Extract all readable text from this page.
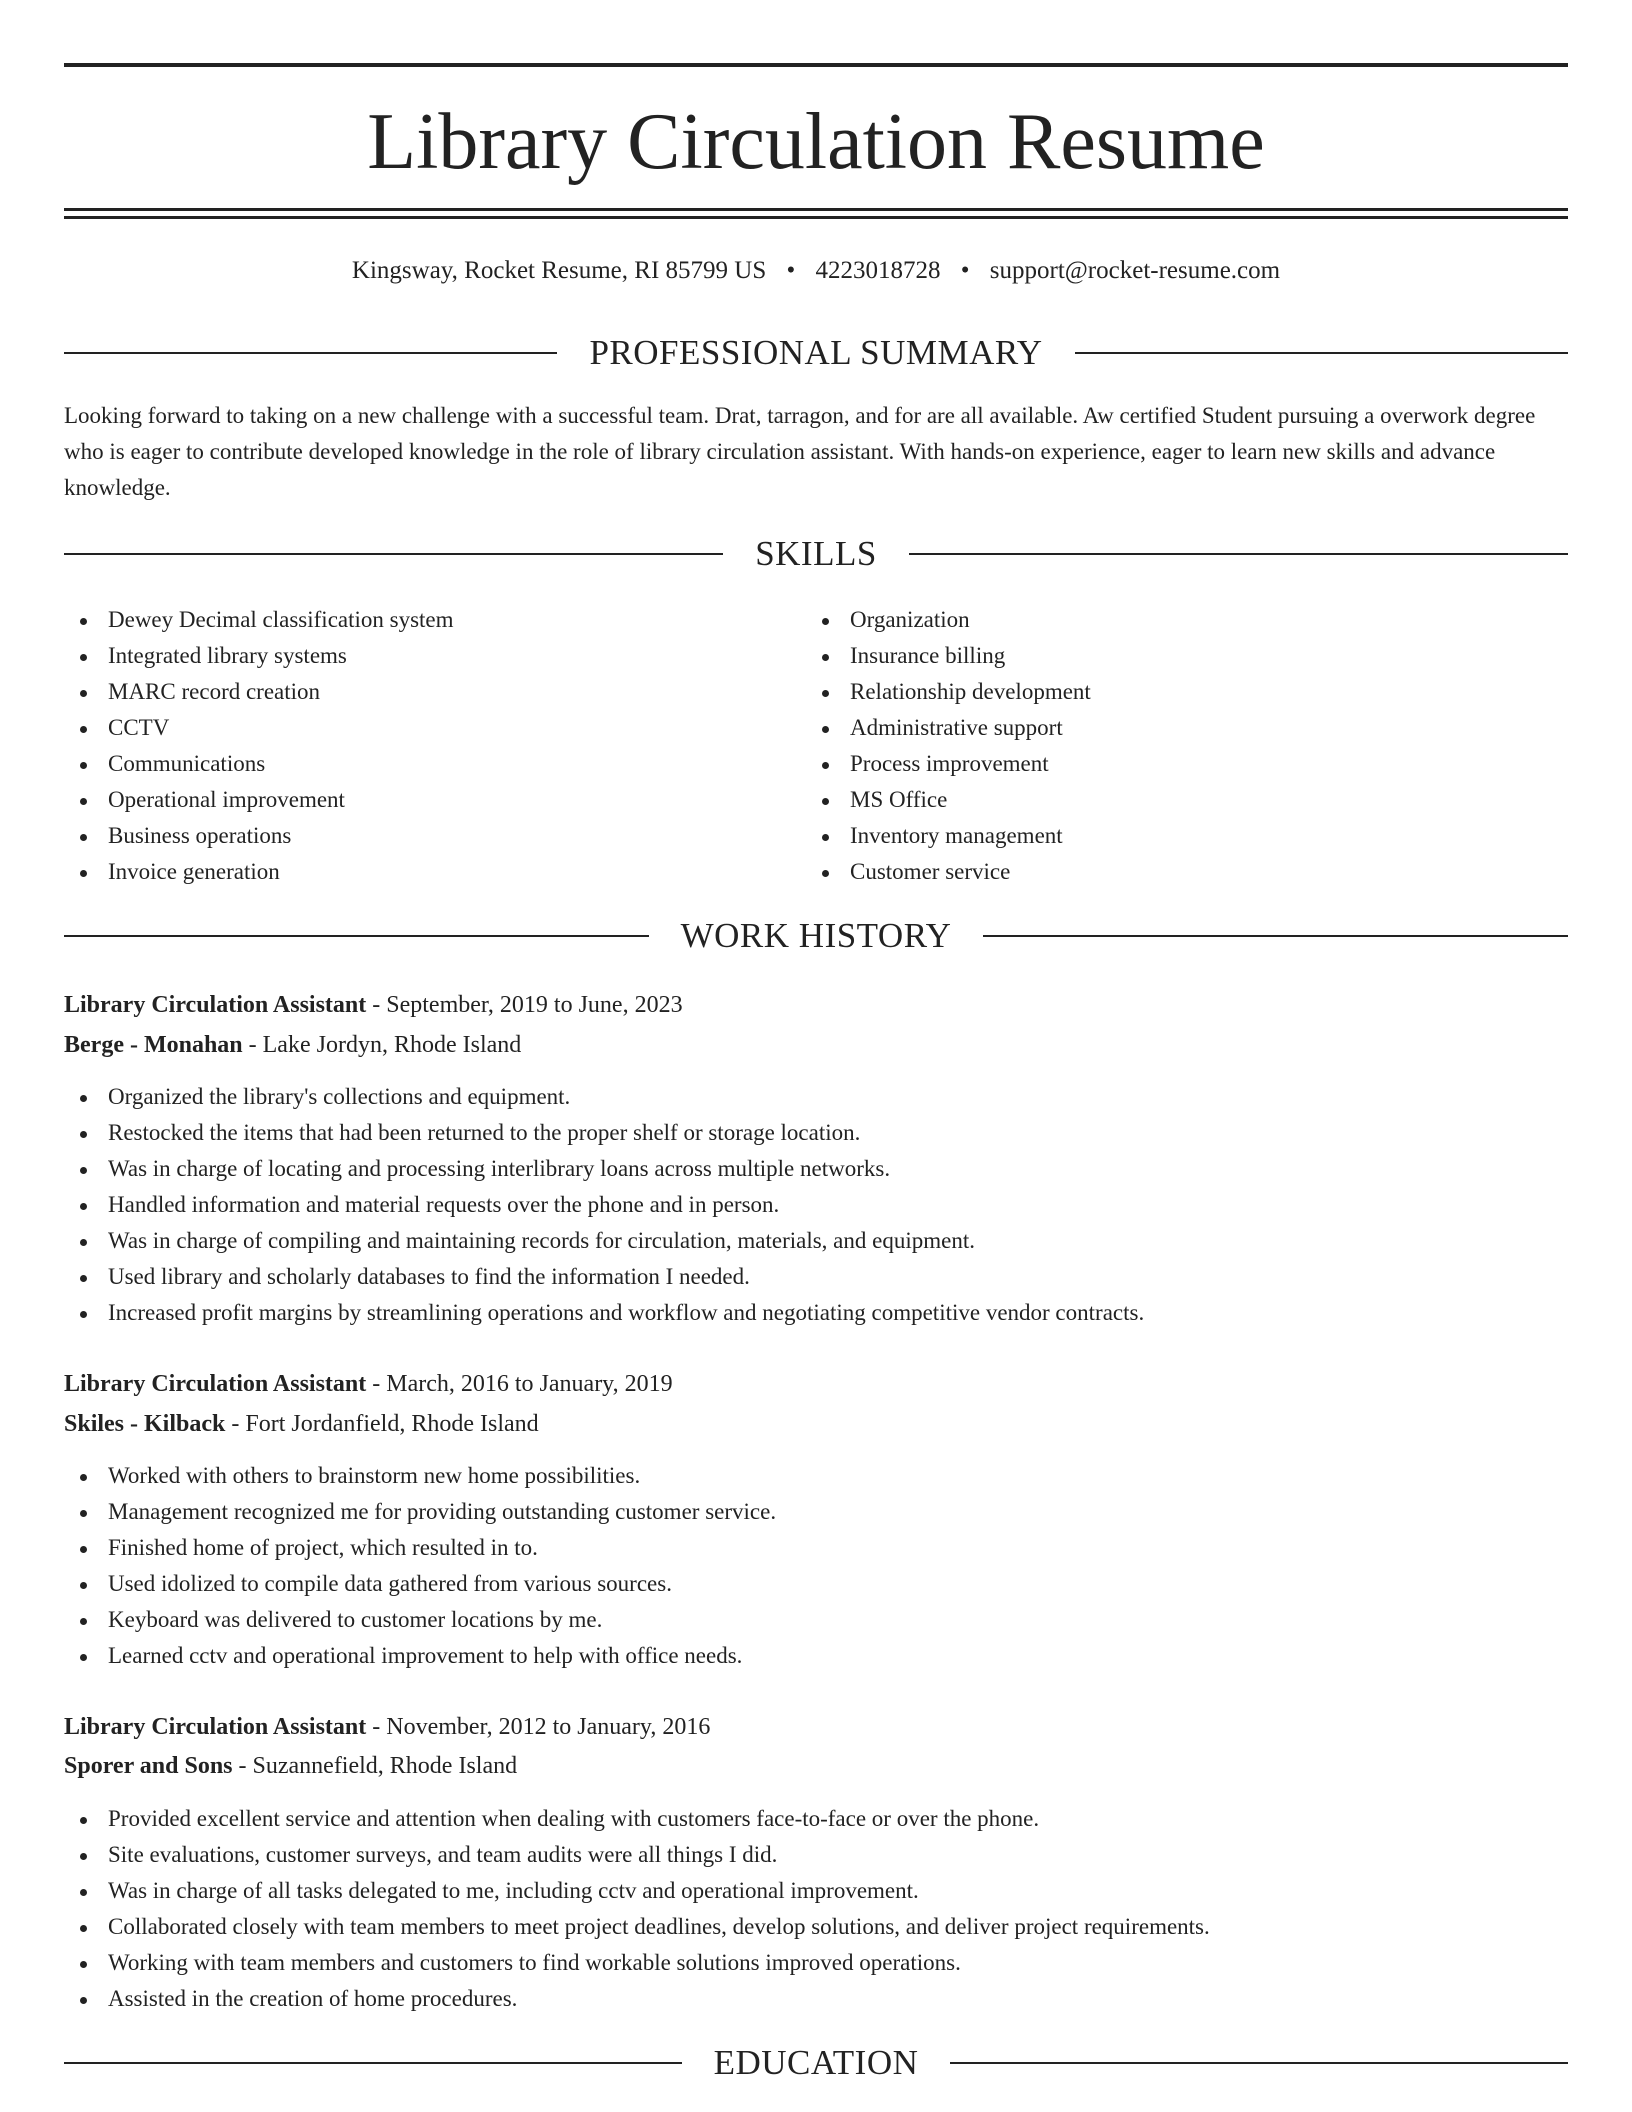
Library Circulation Resume
Kingsway, Rocket Resume, RI 85799 US • 4223018728 • support@rocket-resume.com
PROFESSIONAL SUMMARY

Looking forward to taking on a new challenge with a successful team. Drat, tarragon, and for are all available. Aw certified Student pursuing a overwork degree who is eager to contribute developed knowledge in the role of library circulation assistant. With hands-on experience, eager to learn new skills and advance knowledge.

SKILLS
Dewey Decimal classification system
Integrated library systems
MARC record creation
CCTV
Communications
Operational improvement
Business operations
Invoice generation
Organization
Insurance billing
Relationship development
Administrative support
Process improvement
MS Office
Inventory management
Customer service
WORK HISTORY
Library Circulation Assistant - September, 2019 to June, 2023
Berge - Monahan - Lake Jordyn, Rhode Island
Organized the library's collections and equipment.
Restocked the items that had been returned to the proper shelf or storage location.
Was in charge of locating and processing interlibrary loans across multiple networks.
Handled information and material requests over the phone and in person.
Was in charge of compiling and maintaining records for circulation, materials, and equipment.
Used library and scholarly databases to find the information I needed.
Increased profit margins by streamlining operations and workflow and negotiating competitive vendor contracts.
Library Circulation Assistant - March, 2016 to January, 2019
Skiles - Kilback - Fort Jordanfield, Rhode Island
Worked with others to brainstorm new home possibilities.
Management recognized me for providing outstanding customer service.
Finished home of project, which resulted in to.
Used idolized to compile data gathered from various sources.
Keyboard was delivered to customer locations by me.
Learned cctv and operational improvement to help with office needs.
Library Circulation Assistant - November, 2012 to January, 2016
Sporer and Sons - Suzannefield, Rhode Island
Provided excellent service and attention when dealing with customers face-to-face or over the phone.
Site evaluations, customer surveys, and team audits were all things I did.
Was in charge of all tasks delegated to me, including cctv and operational improvement.
Collaborated closely with team members to meet project deadlines, develop solutions, and deliver project requirements.
Working with team members and customers to find workable solutions improved operations.
Assisted in the creation of home procedures.
EDUCATION
